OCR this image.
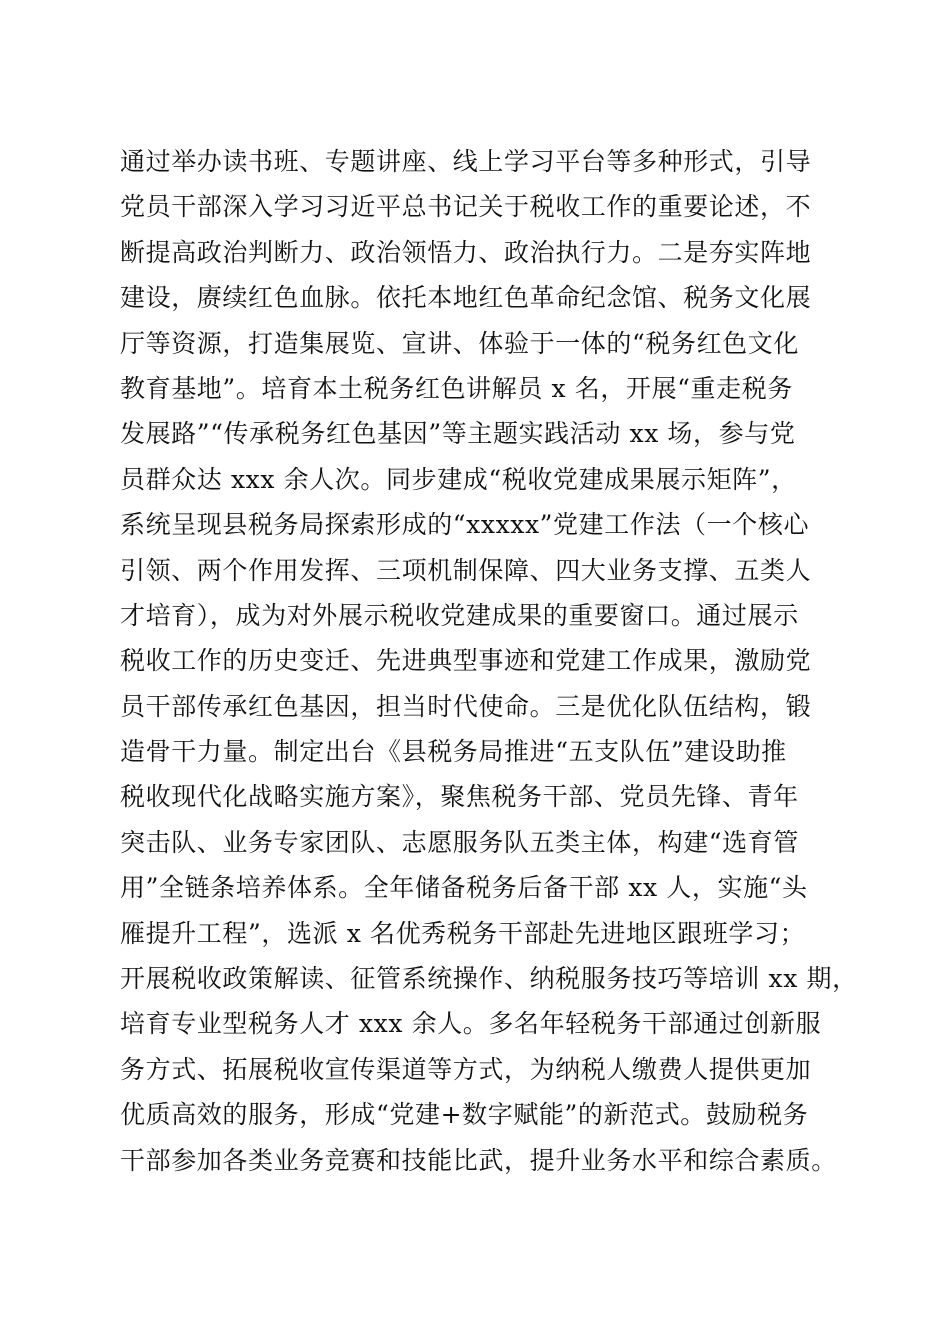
通过举办读书班、专题讲座、线上学习平台等多种形式，引导
党员干部深入学习习近平总书记关于税收工作的重要论述，不
断提高政治判断力、政治领悟力、政治执行力。二是夯实阵地
建设，赓续红色血脉。依托本地红色革命纪念馆、税务文化展
厅等资源，打造集展览、宣讲、体验于一体的“税务红色文化
教育基地”。培育本土税务红色讲解员 x 名，开展“重走税务
发展路”“传承税务红色基因”等主题实践活动 xx 场，参与党
员群众达 xxx 余人次。同步建成“税收党建成果展示矩阵”，
系统呈现县税务局探索形成的“xxxxx”党建工作法（一个核心
引领、两个作用发挥、三项机制保障、四大业务支撑、五类人
才培育），成为对外展示税收党建成果的重要窗口。通过展示
税收工作的历史变迁、先进典型事迹和党建工作成果，激励党
员干部传承红色基因，担当时代使命。三是优化队伍结构，锻
造骨干力量。制定出台《县税务局推进“五支队伍”建设助推
税收现代化战略实施方案》，聚焦税务干部、党员先锋、青年
突击队、业务专家团队、志愿服务队五类主体，构建“选育管
用”全链条培养体系。全年储备税务后备干部 xx 人，实施“头
雁提升工程”，选派 x 名优秀税务干部赴先进地区跟班学习；
开展税收政策解读、征管系统操作、纳税服务技巧等培训 xx 期，
培育专业型税务人才 xxx 余人。多名年轻税务干部通过创新服
务方式、拓展税收宣传渠道等方式，为纳税人缴费人提供更加
优质高效的服务，形成“党建+数字赋能”的新范式。鼓励税务
干部参加各类业务竞赛和技能比武，提升业务水平和综合素质。
